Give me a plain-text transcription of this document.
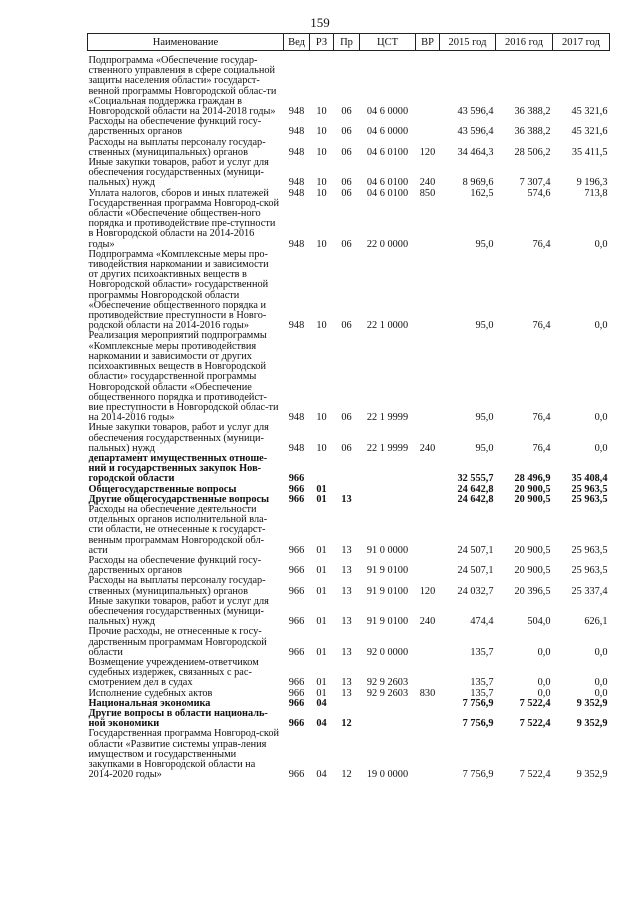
159
Наименование	Вед	РЗ	Пр	ЦСТ	ВР	2015 год	2016 год	2017 год
Подпрограмма «Обеспечение государ-ственного управления в сфере социальной защиты населения области» государст-венной программы Новгородской облас-ти «Социальная поддержка граждан в Новгородской области на 2014-2018 годы»	948	10	06	04 6 0000		43 596,4	36 388,2	45 321,6
Расходы на обеспечение функций госу-дарственных органов	948	10	06	04 6 0000		43 596,4	36 388,2	45 321,6
Расходы на выплаты персоналу государ-ственных (муниципальных) органов	948	10	06	04 6 0100	120	34 464,3	28 506,2	35 411,5
Иные закупки товаров, работ и услуг для обеспечения государственных (муници-пальных) нужд	948	10	06	04 6 0100	240	8 969,6	7 307,4	9 196,3
Уплата налогов, сборов и иных платежей	948	10	06	04 6 0100	850	162,5	574,6	713,8
Государственная программа Новгород-ской области «Обеспечение обществен-ного порядка и противодействие пре-ступности в Новгородской области на 2014-2016 годы»	948	10	06	22 0 0000		95,0	76,4	0,0
Подпрограмма «Комплексные меры про-тиводействия наркомании и зависимости от других психоактивных веществ в Новгородской области» государственной программы Новгородской области «Обеспечение общественного порядка и противодействие преступности в Новго-родской области на 2014-2016 годы»	948	10	06	22 1 0000		95,0	76,4	0,0
Реализация мероприятий подпрограммы «Комплексные меры противодействия наркомании и зависимости от других психоактивных веществ в Новгородской области» государственной программы Новгородской области «Обеспечение общественного порядка и противодейст-вие преступности в Новгородской облас-ти на 2014-2016 годы»	948	10	06	22 1 9999		95,0	76,4	0,0
Иные закупки товаров, работ и услуг для обеспечения государственных (муници-пальных) нужд	948	10	06	22 1 9999	240	95,0	76,4	0,0
департамент имущественных отноше-ний и государственных закупок Нов-городской области	966					32 555,7	28 496,9	35 408,4
Общегосударственные вопросы	966	01				24 642,8	20 900,5	25 963,5
Другие общегосударственные вопросы	966	01	13			24 642,8	20 900,5	25 963,5
Расходы на обеспечение деятельности отдельных органов исполнительной вла-сти области, не отнесенные к государст-венным программам Новгородской обл-асти	966	01	13	91 0 0000		24 507,1	20 900,5	25 963,5
Расходы на обеспечение функций госу-дарственных органов	966	01	13	91 9 0100		24 507,1	20 900,5	25 963,5
Расходы на выплаты персоналу государ-ственных (муниципальных) органов	966	01	13	91 9 0100	120	24 032,7	20 396,5	25 337,4
Иные закупки товаров, работ и услуг для обеспечения государственных (муници-пальных) нужд	966	01	13	91 9 0100	240	474,4	504,0	626,1
Прочие расходы, не отнесенные к госу-дарственным программам Новгородской области	966	01	13	92 0 0000		135,7	0,0	0,0
Возмещение учреждением-ответчиком судебных издержек, связанных с рас-смотрением дел в судах	966	01	13	92 9 2603		135,7	0,0	0,0
Исполнение судебных актов	966	01	13	92 9 2603	830	135,7	0,0	0,0
Национальная экономика	966	04				7 756,9	7 522,4	9 352,9
Другие вопросы в области националь-ной экономики	966	04	12			7 756,9	7 522,4	9 352,9
Государственная программа Новгород-ской области «Развитие системы управ-ления имуществом и государственными закупками в Новгородской области на 2014-2020 годы»	966	04	12	19 0 0000		7 756,9	7 522,4	9 352,9
